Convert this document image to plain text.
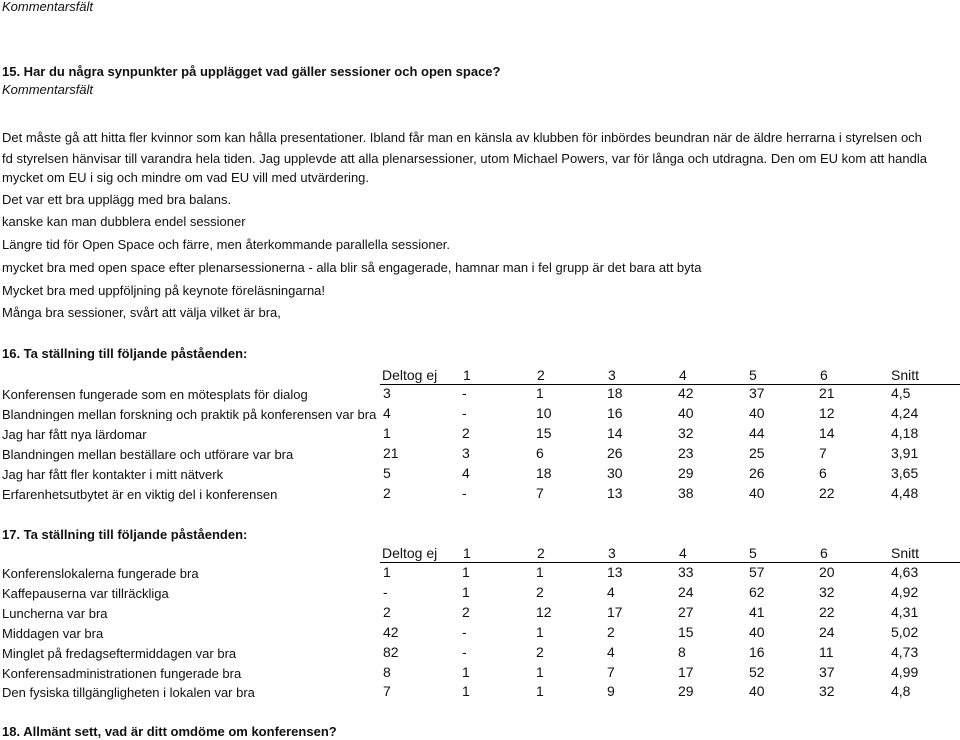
Kommentarsfält
15. Har du några synpunkter på upplägget vad gäller sessioner och open space?
Kommentarsfält
Det måste gå att hitta fler kvinnor som kan hålla presentationer. Ibland får man en känsla av klubben för inbördes beundran när de äldre herrarna i styrelsen och
fd styrelsen hänvisar till varandra hela tiden. Jag upplevde att alla plenarsessioner, utom Michael Powers, var för långa och utdragna. Den om EU kom att handla
mycket om EU i sig och mindre om vad EU vill med utvärdering.
Det var ett bra upplägg med bra balans.
kanske kan man dubblera endel sessioner
Längre tid för Open Space och färre, men återkommande parallella sessioner.
mycket bra med open space efter plenarsessionerna - alla blir så engagerade, hamnar man i fel grupp är det bara att byta
Mycket bra med uppföljning på keynote föreläsningarna!
Många bra sessioner, svårt att välja vilket är bra,
16. Ta ställning till följande påståenden:
Deltog ej 1	2	3	4	5	6	Snitt
Konferensen fungerade som en mötesplats för dialog	3	-	1	18	42	37	21	4,5
Blandningen mellan forskning och praktik på konferensen var bra 4	-	10	16	40	40	12	4,24
Jag har fått nya lärdomar	1	2	15	14	32	44	14	4,18
Blandningen mellan beställare och utförare var bra	21	3	6	26	23	25	7	3,91
Jag har fått fler kontakter i mitt nätverk	5	4	18	30	29	26	6	3,65
Erfarenhetsutbytet är en viktig del i konferensen	2	-	7	13	38	40	22	4,48
17. Ta ställning till följande påståenden:
Deltog ej 1	2	3	4	5	6	Snitt
Konferenslokalerna fungerade bra	1	1	1	13	33	57	20	4,63
Kaffepauserna var tillräckliga	-	1	2	4	24	62	32	4,92
Luncherna var bra	2	2	12	17	27	41	22	4,31
Middagen var bra	42	-	1	2	15	40	24	5,02
Minglet på fredagseftermiddagen var bra	82	-	2	4	8	16	11	4,73
Konferensadministrationen fungerade bra	8	1	1	7	17	52	37	4,99
Den fysiska tillgängligheten i lokalen var bra	7	1	1	9	29	40	32	4,8
18. Allmänt sett, vad är ditt omdöme om konferensen?
